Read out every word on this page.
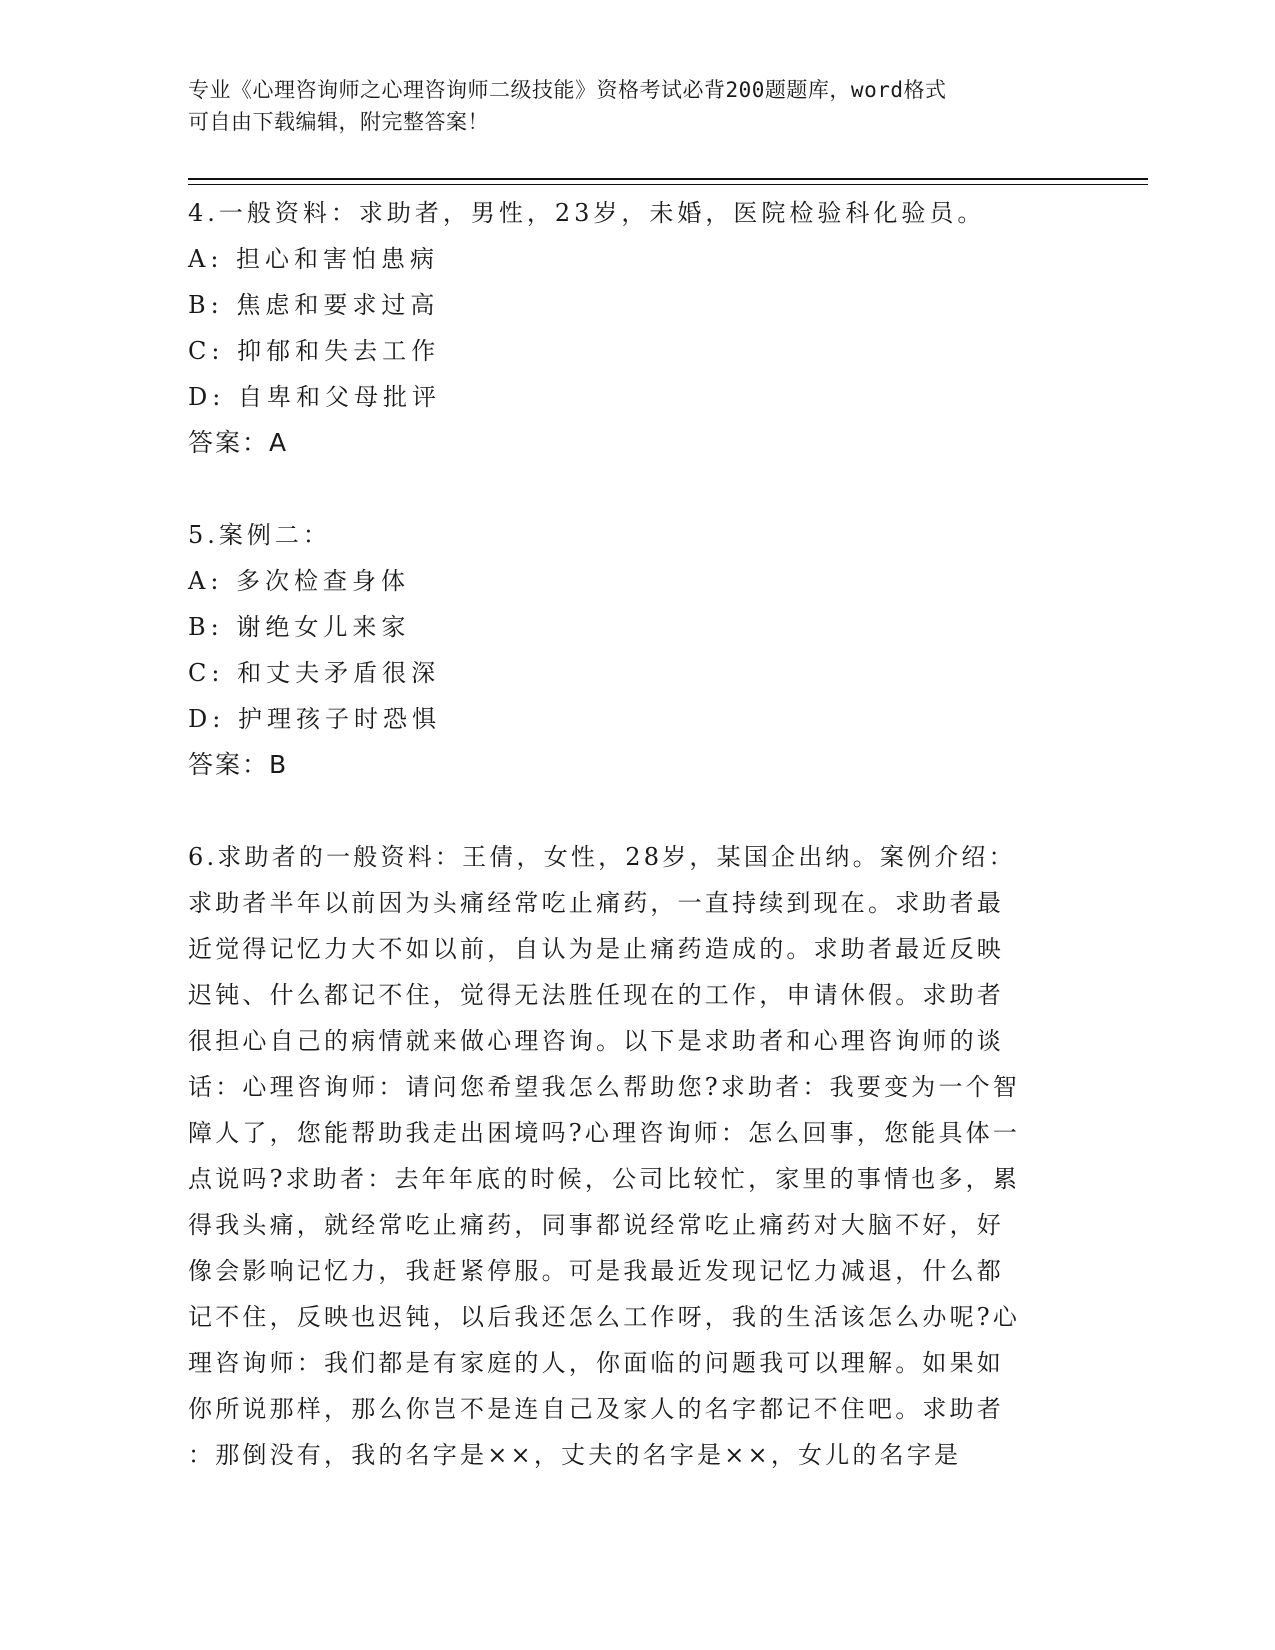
专业《心理咨询师之心理咨询师二级技能》资格考试必背200题题库，word格式
可自由下载编辑，附完整答案！
4.一般资料：求助者，男性，23岁，未婚，医院检验科化验员。
A: 担心和害怕患病
B: 焦虑和要求过高
C: 抑郁和失去工作
D: 自卑和父母批评
答案：A
5.案例二：
A: 多次检查身体
B: 谢绝女儿来家
C: 和丈夫矛盾很深
D: 护理孩子时恐惧
答案：B
6.求助者的一般资料：王倩，女性，28岁，某国企出纳。案例介绍：
求助者半年以前因为头痛经常吃止痛药，一直持续到现在。求助者最
近觉得记忆力大不如以前，自认为是止痛药造成的。求助者最近反映
迟钝、什么都记不住，觉得无法胜任现在的工作，申请休假。求助者
很担心自己的病情就来做心理咨询。以下是求助者和心理咨询师的谈
话：心理咨询师：请问您希望我怎么帮助您?求助者：我要变为一个智
障人了，您能帮助我走出困境吗?心理咨询师：怎么回事，您能具体一
点说吗?求助者：去年年底的时候，公司比较忙，家里的事情也多，累
得我头痛，就经常吃止痛药，同事都说经常吃止痛药对大脑不好，好
像会影响记忆力，我赶紧停服。可是我最近发现记忆力减退，什么都
记不住，反映也迟钝，以后我还怎么工作呀，我的生活该怎么办呢?心
理咨询师：我们都是有家庭的人，你面临的问题我可以理解。如果如
你所说那样，那么你岂不是连自己及家人的名字都记不住吧。求助者
：那倒没有，我的名字是××，丈夫的名字是××，女儿的名字是
